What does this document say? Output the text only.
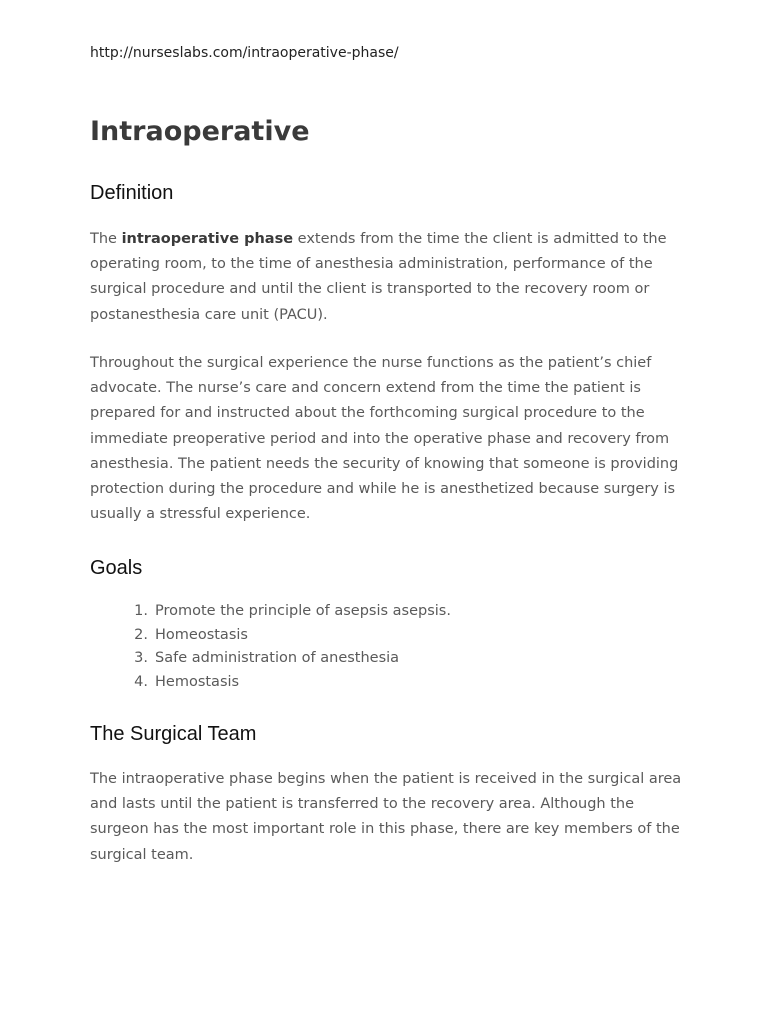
http://nurseslabs.com/intraoperative-phase/
Intraoperative
Definition

The intraoperative phase extends from the time the client is admitted to the operating room, to the time of anesthesia administration, performance of the surgical procedure and until the client is transported to the recovery room or postanesthesia care unit (PACU).

Throughout the surgical experience the nurse functions as the patient’s chief advocate. The nurse’s care and concern extend from the time the patient is prepared for and instructed about the forthcoming surgical procedure to the immediate preoperative period and into the operative phase and recovery from anesthesia. The patient needs the security of knowing that someone is providing protection during the procedure and while he is anesthetized because surgery is usually a stressful experience.

Goals
1. Promote the principle of asepsis asepsis.
2. Homeostasis
3. Safe administration of anesthesia
4. Hemostasis
The Surgical Team

The intraoperative phase begins when the patient is received in the surgical area and lasts until the patient is transferred to the recovery area. Although the surgeon has the most important role in this phase, there are key members of the surgical team.
